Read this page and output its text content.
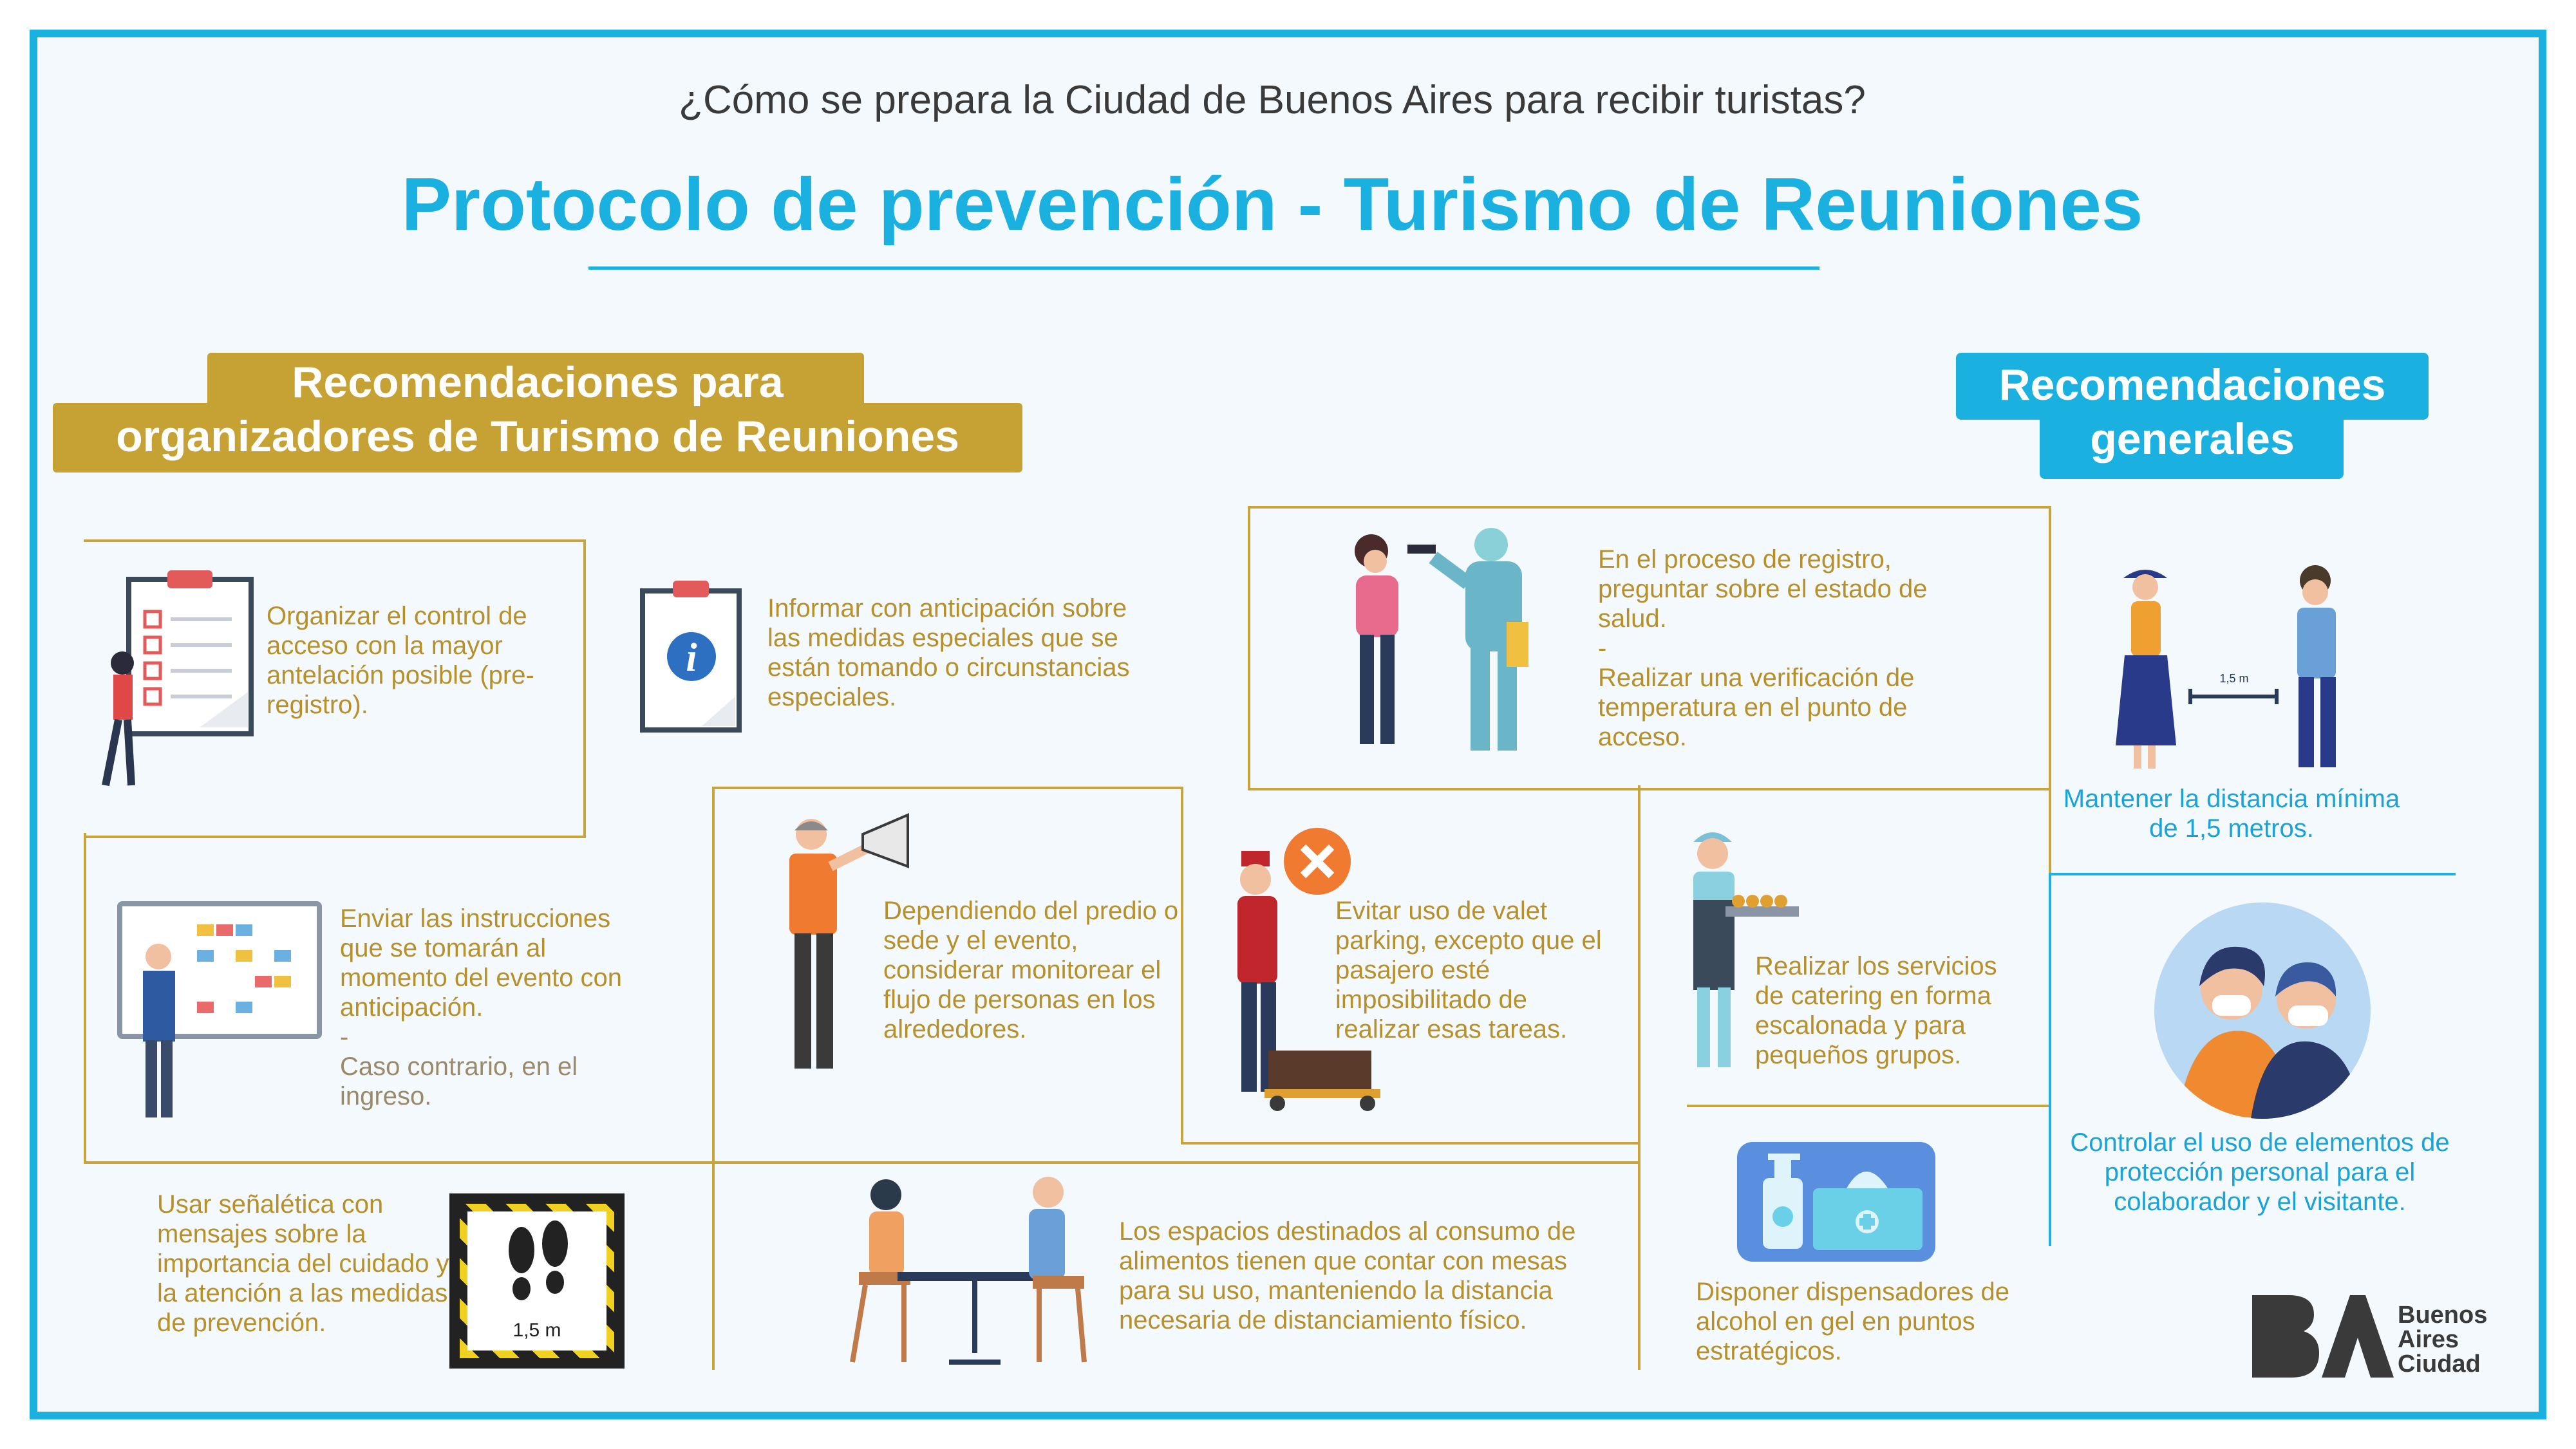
¿Cómo se prepara la Ciudad de Buenos Aires para recibir turistas?
Protocolo de prevención - Turismo de Reuniones
Recomendaciones para
organizadores de Turismo de Reuniones
Recomendaciones
generales
Organizar el control de acceso con la mayor antelación posible (pre-registro).
i
Informar con anticipación sobre las medidas especiales que se están tomando o circunstancias especiales.
En el proceso de registro, preguntar sobre el estado de salud.
-
Realizar una verificación de temperatura en el punto de acceso.
Enviar las instrucciones que se tomarán al momento del evento con anticipación.
-
Caso contrario, en el ingreso.
Dependiendo del predio o sede y el evento, considerar monitorear el flujo de personas en los alrededores.
Evitar uso de valet parking, excepto que el pasajero esté imposibilitado de realizar esas tareas.
Realizar los servicios de catering en forma escalonada y para pequeños grupos.
Usar señalética con mensajes sobre la importancia del cuidado y la atención a las medidas de prevención.	1,5 m
Los espacios destinados al consumo de alimentos tienen que contar con mesas para su uso, manteniendo la distancia necesaria de distanciamiento físico.
Disponer dispensadores de alcohol en gel en puntos estratégicos.
1,5 m
Mantener la distancia mínima de 1,5 metros.
Controlar el uso de elementos de protección personal para el colaborador y el visitante.
Buenos
Aires
Ciudad
